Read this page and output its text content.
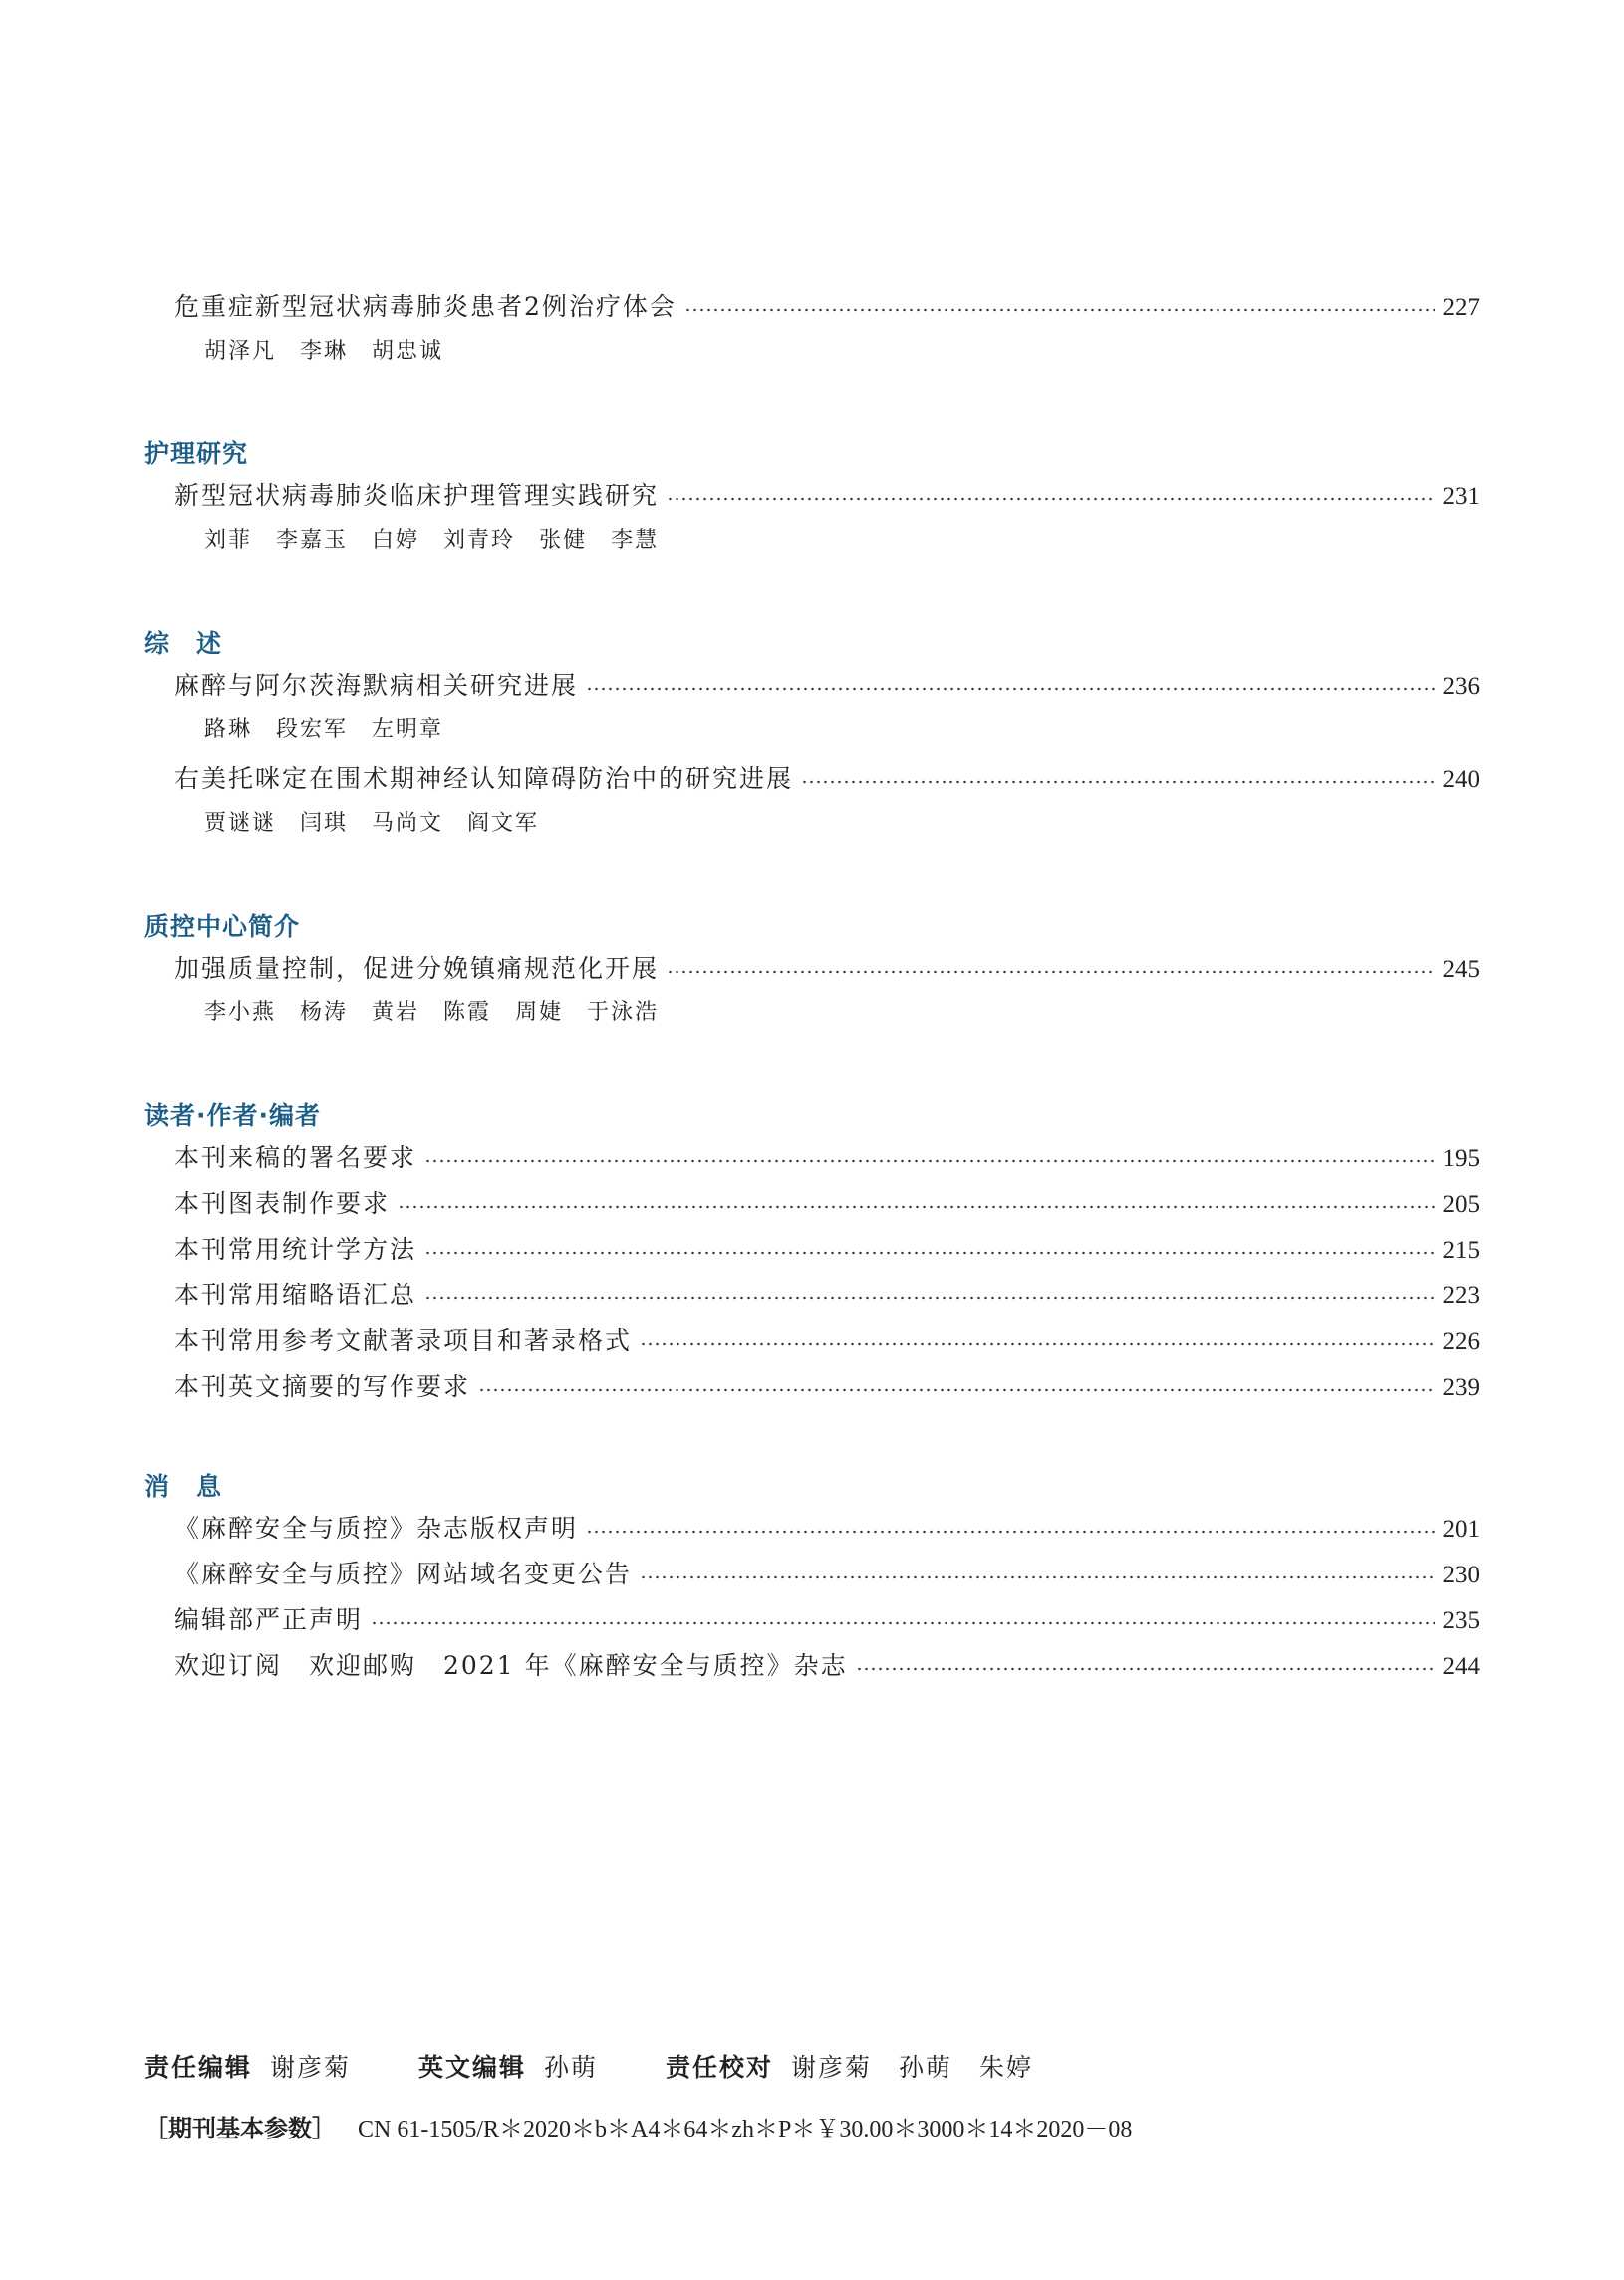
危重症新型冠状病毒肺炎患者2例治疗体会	227
胡泽凡 李琳 胡忠诚
护理研究
新型冠状病毒肺炎临床护理管理实践研究	231
刘菲 李嘉玉 白婷 刘青玲 张健 李慧
综　述
麻醉与阿尔茨海默病相关研究进展	236
路琳 段宏军 左明章
右美托咪定在围术期神经认知障碍防治中的研究进展	240
贾谜谜 闫琪 马尚文 阎文军
质控中心简介
加强质量控制，促进分娩镇痛规范化开展	245
李小燕 杨涛 黄岩 陈霞 周婕 于泳浩
读者·作者·编者
本刊来稿的署名要求	195
本刊图表制作要求	205
本刊常用统计学方法	215
本刊常用缩略语汇总	223
本刊常用参考文献著录项目和著录格式	226
本刊英文摘要的写作要求	239
消　息
《麻醉安全与质控》杂志版权声明	201
《麻醉安全与质控》网站域名变更公告	230
编辑部严正声明	235
欢迎订阅　欢迎邮购　2021 年《麻醉安全与质控》杂志	244
责任编辑 谢彦菊	英文编辑 孙萌	责任校对 谢彦菊　孙萌　朱婷
［期刊基本参数］ CN 61-1505/R＊2020＊b＊A4＊64＊zh＊P＊￥30.00＊3000＊14＊2020－08
